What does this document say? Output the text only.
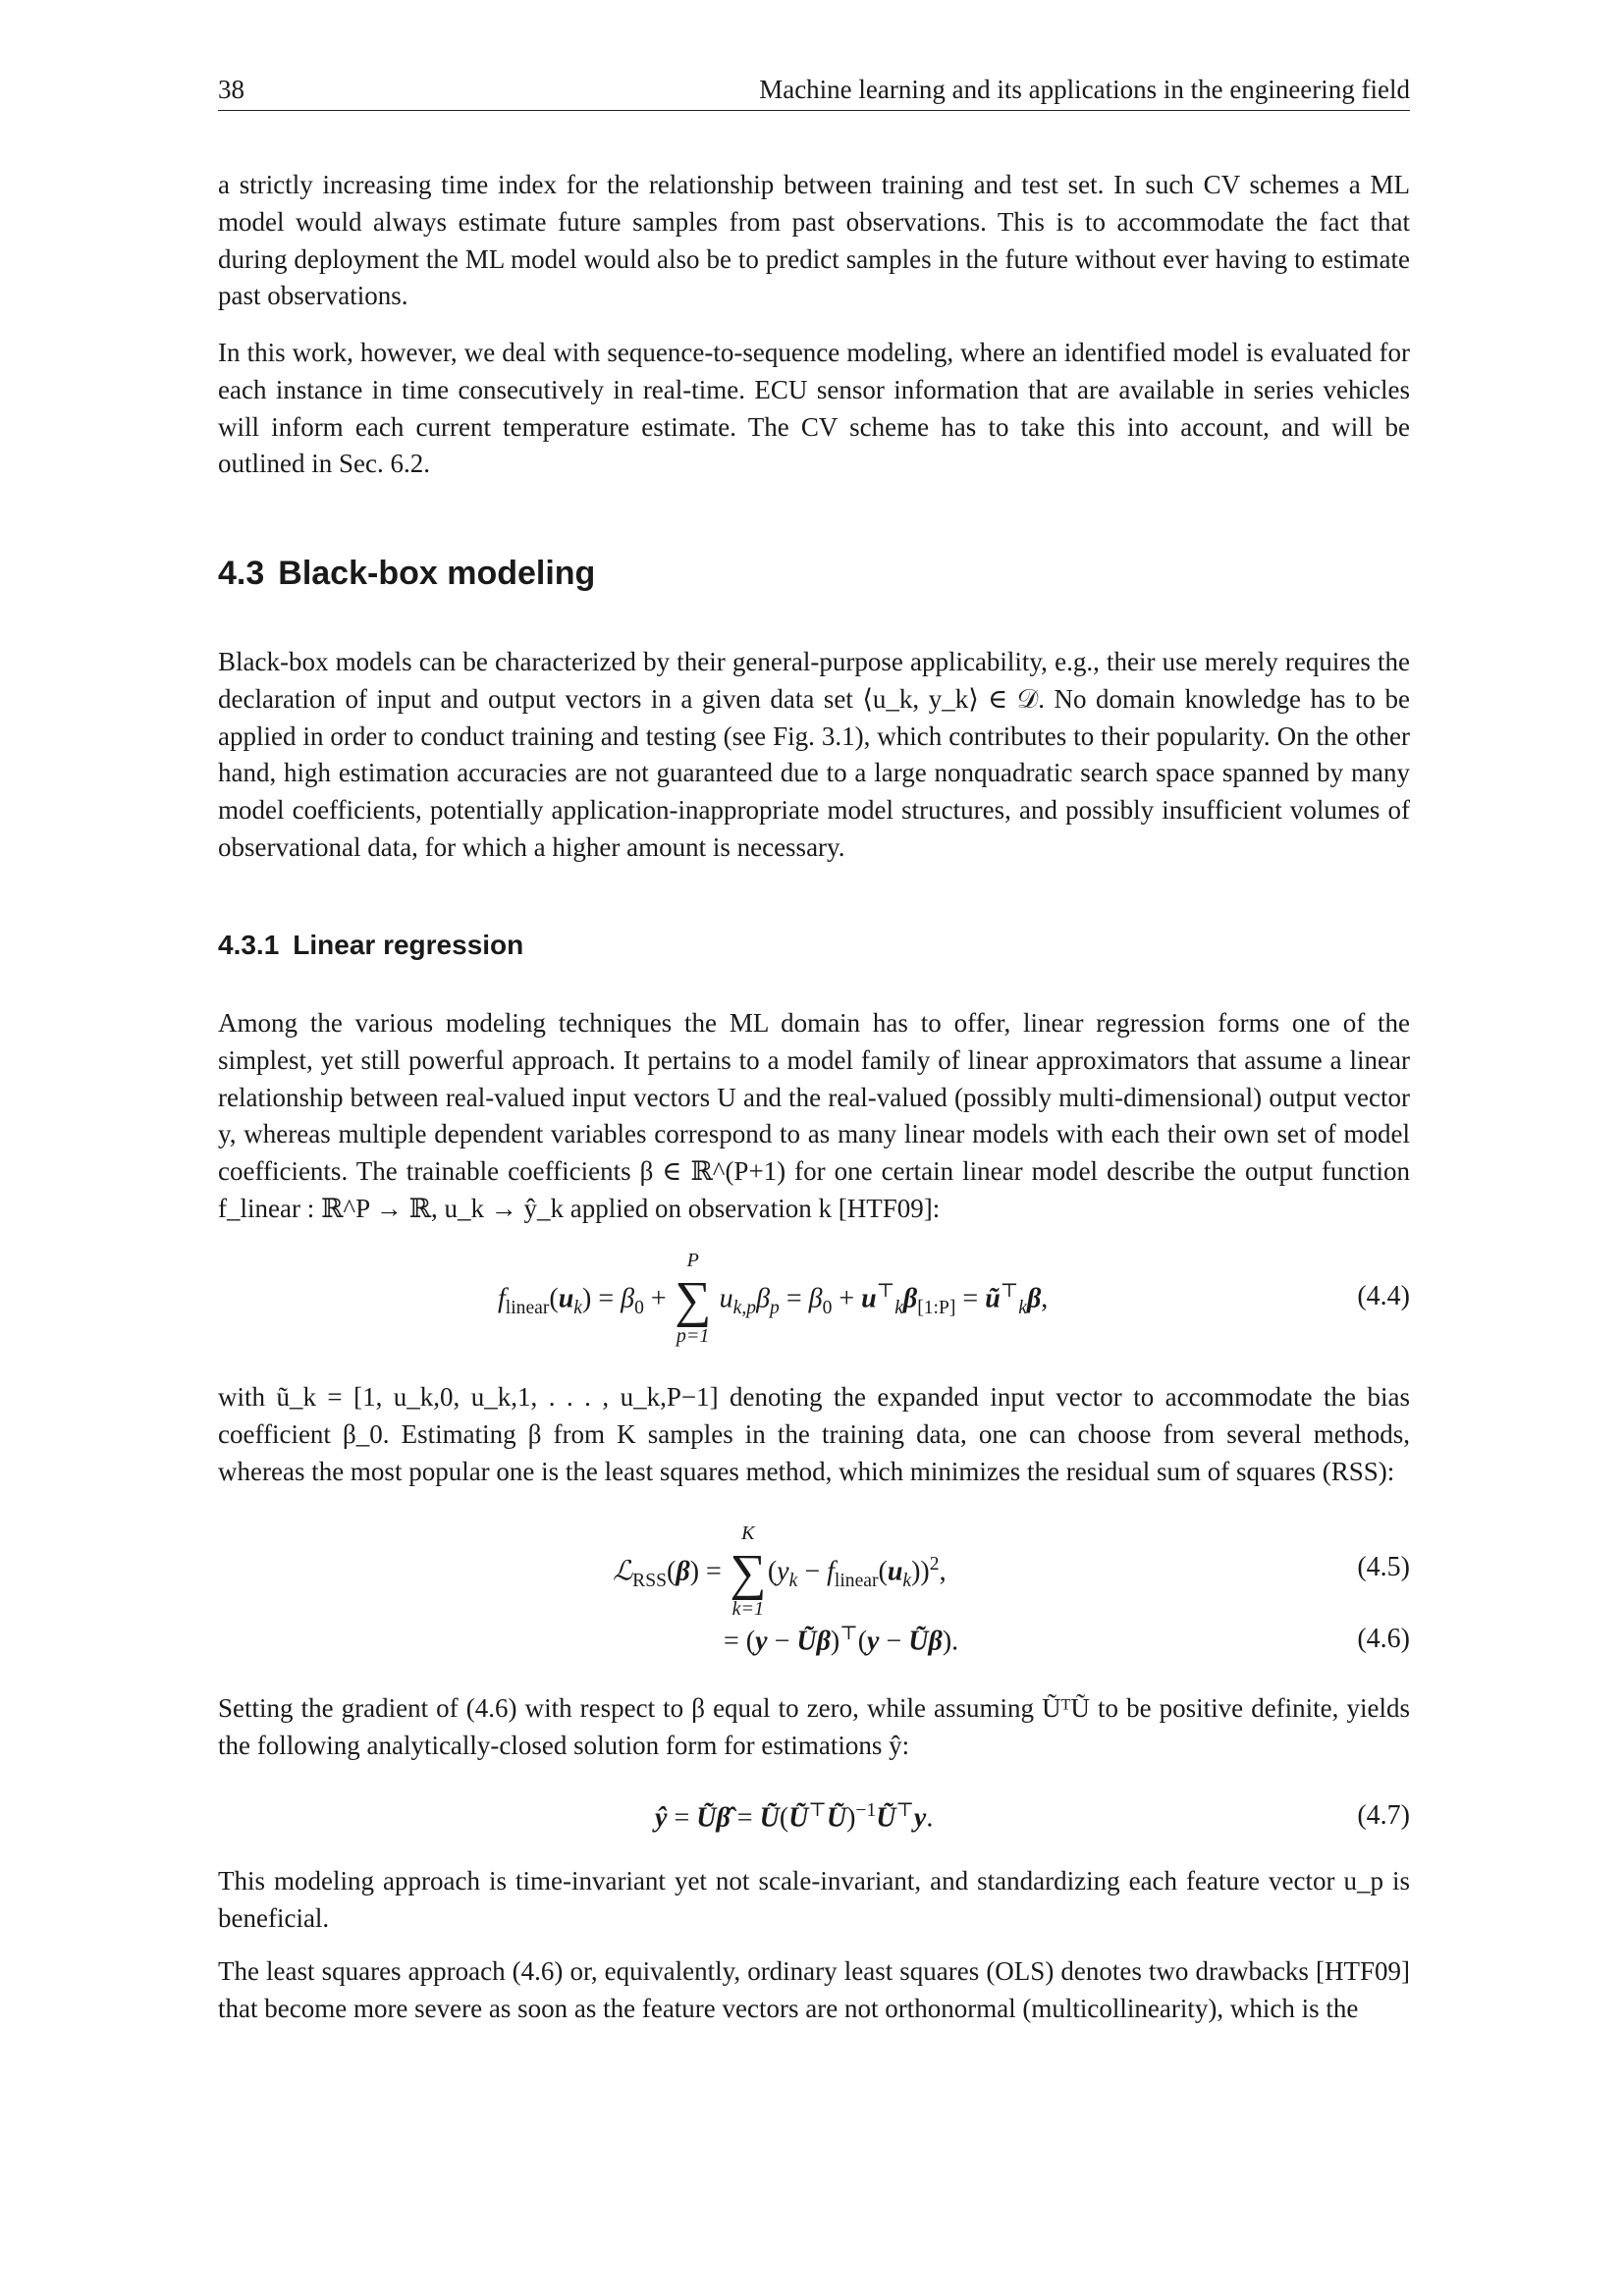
38	Machine learning and its applications in the engineering field

a strictly increasing time index for the relationship between training and test set. In such CV schemes a ML model would always estimate future samples from past observations. This is to accommodate the fact that during deployment the ML model would also be to predict samples in the future without ever having to estimate past observations.

In this work, however, we deal with sequence-to-sequence modeling, where an identified model is evaluated for each instance in time consecutively in real-time. ECU sensor information that are available in series vehicles will inform each current temperature estimate. The CV scheme has to take this into account, and will be outlined in Sec. 6.2.

4.3 Black-box modeling

Black-box models can be characterized by their general-purpose applicability, e.g., their use merely requires the declaration of input and output vectors in a given data set ⟨u_k, y_k⟩ ∈ 𝒟. No domain knowledge has to be applied in order to conduct training and testing (see Fig. 3.1), which contributes to their popularity. On the other hand, high estimation accuracies are not guaranteed due to a large nonquadratic search space spanned by many model coefficients, potentially application-inappropriate model structures, and possibly insufficient volumes of observational data, for which a higher amount is necessary.

4.3.1 Linear regression

Among the various modeling techniques the ML domain has to offer, linear regression forms one of the simplest, yet still powerful approach. It pertains to a model family of linear approximators that assume a linear relationship between real-valued input vectors U and the real-valued (possibly multi-dimensional) output vector y, whereas multiple dependent variables correspond to as many linear models with each their own set of model coefficients. The trainable coefficients β ∈ ℝ^(P+1) for one certain linear model describe the output function f_linear : ℝ^P → ℝ, u_k → ŷ_k applied on observation k [HTF09]:

$f_{linear}(u_k) = \beta_0$ +
P
∑
p=1
$u_{k,p}\beta_p = \beta_0 + u^⊤_k\beta_{[1:P]}$ = $ũ^⊤_k\beta$,	(4.4)

with ũ_k = [1, u_k,0, u_k,1, . . . , u_k,P−1] denoting the expanded input vector to accommodate the bias coefficient β_0. Estimating β from K samples in the training data, one can choose from several methods, whereas the most popular one is the least squares method, which minimizes the residual sum of squares (RSS):

ℒ$_{RSS}$(β) =
K
∑
k=1
$(y_k - f_{linear}(u_k))^2$,	(4.5)
= (y − Ũβ)⊤(y − Ũβ).	(4.6)

Setting the gradient of (4.6) with respect to β equal to zero, while assuming ŨᵀŨ to be positive definite, yields the following analytically-closed solution form for estimations ŷ:

ŷ = Ũβ̂ = Ũ(Ũ⊤Ũ)$^{-1}$Ũ⊤y.	(4.7)

This modeling approach is time-invariant yet not scale-invariant, and standardizing each feature vector u_p is beneficial.

The least squares approach (4.6) or, equivalently, ordinary least squares (OLS) denotes two drawbacks [HTF09] that become more severe as soon as the feature vectors are not orthonormal (multicollinearity), which is the
